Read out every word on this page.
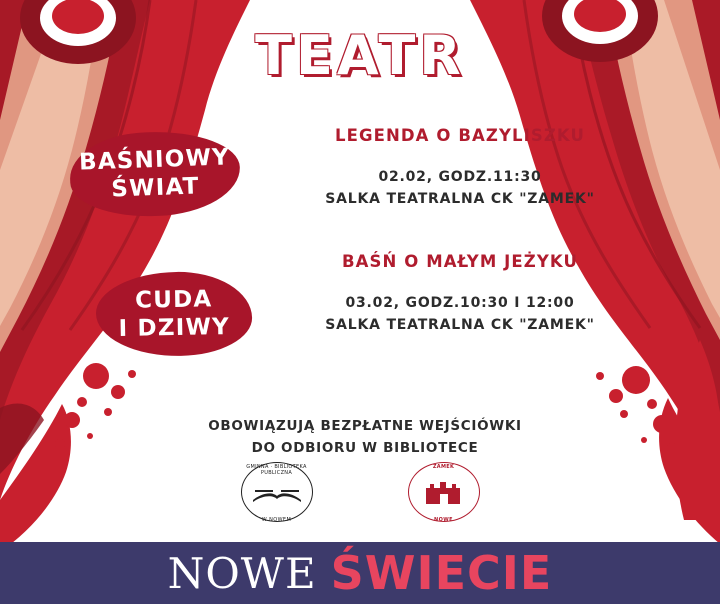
TEATR
BAŚNIOWY
ŚWIAT
CUDA
I DZIWY
LEGENDA O BAZYLISZKU
02.02, GODZ.11:30
SALKA TEATRALNA CK "ZAMEK"
BAŚŃ O MAŁYM JEŻYKU
03.02, GODZ.10:30 I 12:00
SALKA TEATRALNA CK "ZAMEK"
OBOWIĄZUJĄ BEZPŁATNE WEJŚCIÓWKI
DO ODBIORU W BIBLIOTECE
GMINNA · BIBLIOTEKA PUBLICZNA
W NOWEM
ZAMEK
NOWE
NOWE ŚWIECIE
